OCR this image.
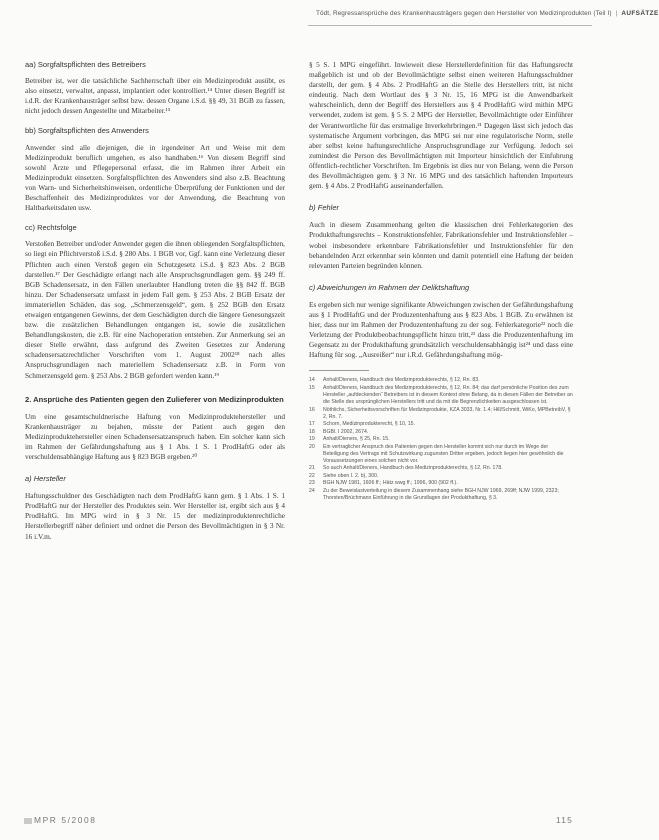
Tödt, Regressansprüche des Krankenhausträgers gegen den Hersteller von Medizinprodukten (Teil I) | AUFSÄTZE
aa) Sorgfaltspflichten des Betreibers

Betreiber ist, wer die tatsächliche Sachherrschaft über ein Medizinprodukt ausübt, es also einsetzt, verwaltet, anpasst, implantiert oder kontrolliert.¹⁴ Unter diesen Begriff ist i.d.R. der Krankenhausträger selbst bzw. dessen Organe i.S.d. §§ 49, 31 BGB zu fassen, nicht jedoch dessen Angestellte und Mitarbeiter.¹⁵

bb) Sorgfaltspflichten des Anwenders

Anwender sind alle diejenigen, die in irgendeiner Art und Weise mit dem Medizinprodukt beruflich umgehen, es also handhaben.¹⁶ Von diesem Begriff sind sowohl Ärzte und Pflegepersonal erfasst, die im Rahmen ihrer Arbeit ein Medizinprodukt einsetzen. Sorgfaltspflichten des Anwenders sind also z.B. Beachtung von Warn- und Sicherheitshinweisen, ordentliche Überprüfung der Funktionen und der Beschaffenheit des Medizinproduktes vor der Anwendung, die Beachtung von Haltbarkeitsdaten usw.

cc) Rechtsfolge

Verstoßen Betreiber und/oder Anwender gegen die ihnen obliegenden Sorgfaltspflichten, so liegt ein Pflichtverstoß i.S.d. § 280 Abs. 1 BGB vor, Ggf. kann eine Verletzung dieser Pflichten auch einen Verstoß gegen ein Schutzgesetz i.S.d. § 823 Abs. 2 BGB darstellen.¹⁷ Der Geschädigte erlangt nach alle Anspruchsgrundlagen gem. §§ 249 ff. BGB Schadensersatz, in den Fällen unerlaubter Handlung treten die §§ 842 ff. BGB hinzu. Der Schadensersatz umfasst in jedem Fall gem. § 253 Abs. 2 BGB Ersatz der immateriellen Schäden, das sog. „Schmerzensgeld“, gem. § 252 BGB den Ersatz etwaigen entgangenen Gewinns, der dem Geschädigten durch die längere Genesungszeit bzw. die zusätzlichen Behandlungen entgangen ist, sowie die zusätzlichen Behandlungskosten, die z.B. für eine Nachoperation entstehen. Zur Anmerkung sei an dieser Stelle erwähnt, dass aufgrund des Zweiten Gesetzes zur Änderung schadensersatzrechtlicher Vorschriften vom 1. August 2002¹⁸ nach alles Anspruchsgrundlagen nach materiellem Schadensersatz z.B. in Form von Schmerzensgeld gem. § 253 Abs. 2 BGB gefordert werden kann.¹⁹

2. Ansprüche des Patienten gegen den Zulieferer von Medizinprodukten

Um eine gesamtschuldnerische Haftung von Medizinproduktehersteller und Krankenhausträger zu bejahen, müsste der Patient auch gegen den Medizinproduktehersteller einen Schadensersatzanspruch haben. Ein solcher kann sich im Rahmen der Gefährdungshaftung aus § 1 Abs. 1 S. 1 ProdHaftG oder als verschuldensabhängige Haftung aus § 823 BGB ergeben.²⁰

a) Hersteller

Haftungsschuldner des Geschädigten nach dem ProdHaftG kann gem. § 1 Abs. 1 S. 1 ProdHaftG nur der Hersteller des Produktes sein. Wer Hersteller ist, ergibt sich aus § 4 ProdHaftG. Im MPG wird in § 3 Nr. 15 der medizinproduktenrechtliche Herstellerbegriff näher definiert und ordnet die Person des Bevollmächtigten in § 3 Nr. 16 i.V.m.

§ 5 S. 1 MPG eingeführt. Inwieweit diese Herstellerdefinition für das Haftungsrecht maßgeblich ist und ob der Bevollmächtigte selbst einen weiteren Haftungsschuldner darstellt, der gem. § 4 Abs. 2 ProdHaftG an die Stelle des Herstellers tritt, ist nicht eindeutig. Nach dem Wortlaut des § 3 Nr. 15, 16 MPG ist die Anwendbarkeit wahrscheinlich, denn der Begriff des Herstellers aus § 4 ProdHaftG wird mithin MPG verwendet, zudem ist gem. § 5 S. 2 MPG der Hersteller, Bevollmächtigte oder Einführer der Verantwortliche für das erstmalige Inverkehrbringen.²¹ Dagegen lässt sich jedoch das systematische Argument vorbringen, das MPG sei nur eine regulatorische Norm, stelle aber selbst keine haftungsrechtliche Anspruchsgrundlage zur Verfügung. Jedoch sei zumindest die Person des Bevollmächtigten mit Importeur hinsichtlich der Einfuhrung öffentlich-rechtlicher Vorschriften. Im Ergebnis ist dies nur von Belang, wenn die Person des Bevollmächtigten gem. § 3 Nr. 16 MPG und des tatsächlich haftenden Importeurs gem. § 4 Abs. 2 ProdHaftG auseinanderfallen.

b) Fehler

Auch in diesem Zusammenhang gelten die klassischen drei Fehlerkategorien des Produkthaftungsrechts – Konstruktionsfehler, Fabrikationsfehler und Instruktionsfehler – wobei insbesondere erkennbare Fabrikationsfehler und Instruktionsfehler für den behandelnden Arzt erkennbar sein könnten und damit potentiell eine Haftung der beiden relevanten Parteien begründen können.

c) Abweichungen im Rahmen der Deliktshaftung

Es ergeben sich nur wenige signifikante Abweichungen zwischen der Gefährdungshaftung aus § 1 ProdHaftG und der Produzentenhaftung aus § 823 Abs. 1 BGB. Zu erwähnen ist hier, dass nur im Rahmen der Produzentenhaftung zu der sog. Fehlerkategorie²² noch die Verletzung der Produktbeobachtungspflicht hinzu tritt,²³ dass die Produzentenhaftung im Gegensatz zu der Produkthaftung grundsätzlich verschuldensabhängig ist²⁴ und dass eine Haftung für sog. „Ausreißer“ nur i.R.d. Gefährdungshaftung mög-

14	Anhalt/Dieners, Handbuch des Medizinprodukterechts, § 12, Rn. 83.
15	Anhalt/Dieners, Handbuch des Medizinprodukterechts, § 12, Rn. 84; das darf persönliche Position des zum Hersteller „aufdeckenden“ Betreibers ist in diesem Kontext ohne Belang, da in diesen Fällen der Betreiber an die Stelle des ursprünglichen Herstellers tritt und da mit die Begrenzlichkeiten ausgeschlossen ist.
16	Nöthlichs, Sicherheitsvorschriften für Medizinprodukte, KZA 3033, Nr. 1.4; Hill/Schmitt, WiKo, MPBetreibV, § 2, Rn. 7.
17	Schorn, Medizinprodukterecht, § 10, 15.
18	BGBl. I 2002, 2674.
19	Anhalt/Dieners, § 25, Rn. 15.
20	Ein vertraglicher Anspruch des Patienten gegen den Hersteller kommt sich nur durch im Wege der Beteiligung des Vertrags mit Schutzwirkung zugunsten Dritter ergeben, jedoch liegen hier gewöhnlich die Voraussetzungen eines solchen nicht vor.
21	So auch Anhalt/Dieners, Handbuch des Medizinprodukterechts, § 12, Rn. 178.
22	Siehe oben I. 2. b), 300.
23	BGH NJW 1981, 1606 ff.; Hätz wwg ff.; 1996, 900 (902 ff.).
24	Zu der Beweislastverteilung in diesem Zusammenhang siehe BGH NJW 1969, 269ff; NJW 1999, 2323; Thorsten/Brüchmann Einführung in die Grundlagen der Produkthaftung, § 3.
MPR 5/2008	115
